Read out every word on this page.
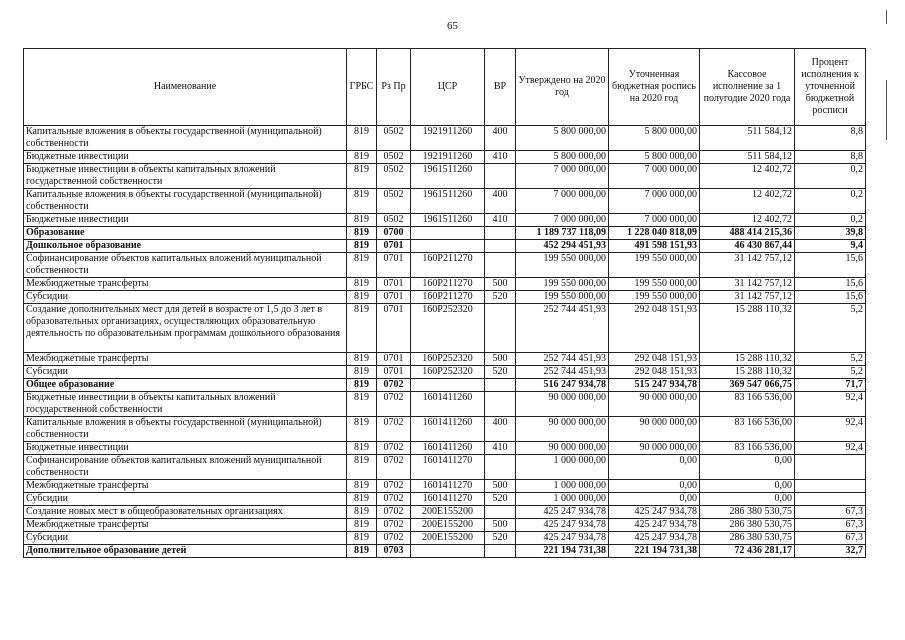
65
Наименование	ГРБС	Рз Пр	ЦСР	ВР	Утверждено на 2020 год	Уточненная бюджетная роспись на 2020 год	Кассовое исполнение за 1 полугодие 2020 года	Процент исполнения к уточненной бюджетной росписи
Капитальные вложения в объекты государственной (муниципальной) собственности	819	0502	1921911260	400	5 800 000,00	5 800 000,00	511 584,12	8,8
Бюджетные инвестиции	819	0502	1921911260	410	5 800 000,00	5 800 000,00	511 584,12	8,8
Бюджетные инвестиции в объекты капитальных вложений государственной собственности	819	0502	1961511260		7 000 000,00	7 000 000,00	12 402,72	0,2
Капитальные вложения в объекты государственной (муниципальной) собственности	819	0502	1961511260	400	7 000 000,00	7 000 000,00	12 402,72	0,2
Бюджетные инвестиции	819	0502	1961511260	410	7 000 000,00	7 000 000,00	12 402,72	0,2
Образование	819	0700			1 189 737 118,09	1 228 040 818,09	488 414 215,36	39,8
Дошкольное образование	819	0701			452 294 451,93	491 598 151,93	46 430 867,44	9,4
Софинансирование объектов капитальных вложений муниципальной собственности	819	0701	160P211270		199 550 000,00	199 550 000,00	31 142 757,12	15,6
Межбюджетные трансферты	819	0701	160P211270	500	199 550 000,00	199 550 000,00	31 142 757,12	15,6
Субсидии	819	0701	160P211270	520	199 550 000,00	199 550 000,00	31 142 757,12	15,6
Создание дополнительных мест для детей в возрасте от 1,5 до 3 лет в образовательных организациях, осуществляющих образовательную деятельность по образовательным программам дошкольного образования	819	0701	160P252320		252 744 451,93	292 048 151,93	15 288 110,32	5,2
Межбюджетные трансферты	819	0701	160P252320	500	252 744 451,93	292 048 151,93	15 288 110,32	5,2
Субсидии	819	0701	160P252320	520	252 744 451,93	292 048 151,93	15 288 110,32	5,2
Общее образование	819	0702			516 247 934,78	515 247 934,78	369 547 066,75	71,7
Бюджетные инвестиции в объекты капитальных вложений государственной собственности	819	0702	1601411260		90 000 000,00	90 000 000,00	83 166 536,00	92,4
Капитальные вложения в объекты государственной (муниципальной) собственности	819	0702	1601411260	400	90 000 000,00	90 000 000,00	83 166 536,00	92,4
Бюджетные инвестиции	819	0702	1601411260	410	90 000 000,00	90 000 000,00	83 166 536,00	92,4
Софинансирование объектов капитальных вложений муниципальной собственности	819	0702	1601411270		1 000 000,00	0,00	0,00	
Межбюджетные трансферты	819	0702	1601411270	500	1 000 000,00	0,00	0,00	
Субсидии	819	0702	1601411270	520	1 000 000,00	0,00	0,00	
Создание новых мест в общеобразовательных организациях	819	0702	200E155200		425 247 934,78	425 247 934,78	286 380 530,75	67,3
Межбюджетные трансферты	819	0702	200E155200	500	425 247 934,78	425 247 934,78	286 380 530,75	67,3
Субсидии	819	0702	200E155200	520	425 247 934,78	425 247 934,78	286 380 530,75	67,3
Дополнительное образование детей	819	0703			221 194 731,38	221 194 731,38	72 436 281,17	32,7
